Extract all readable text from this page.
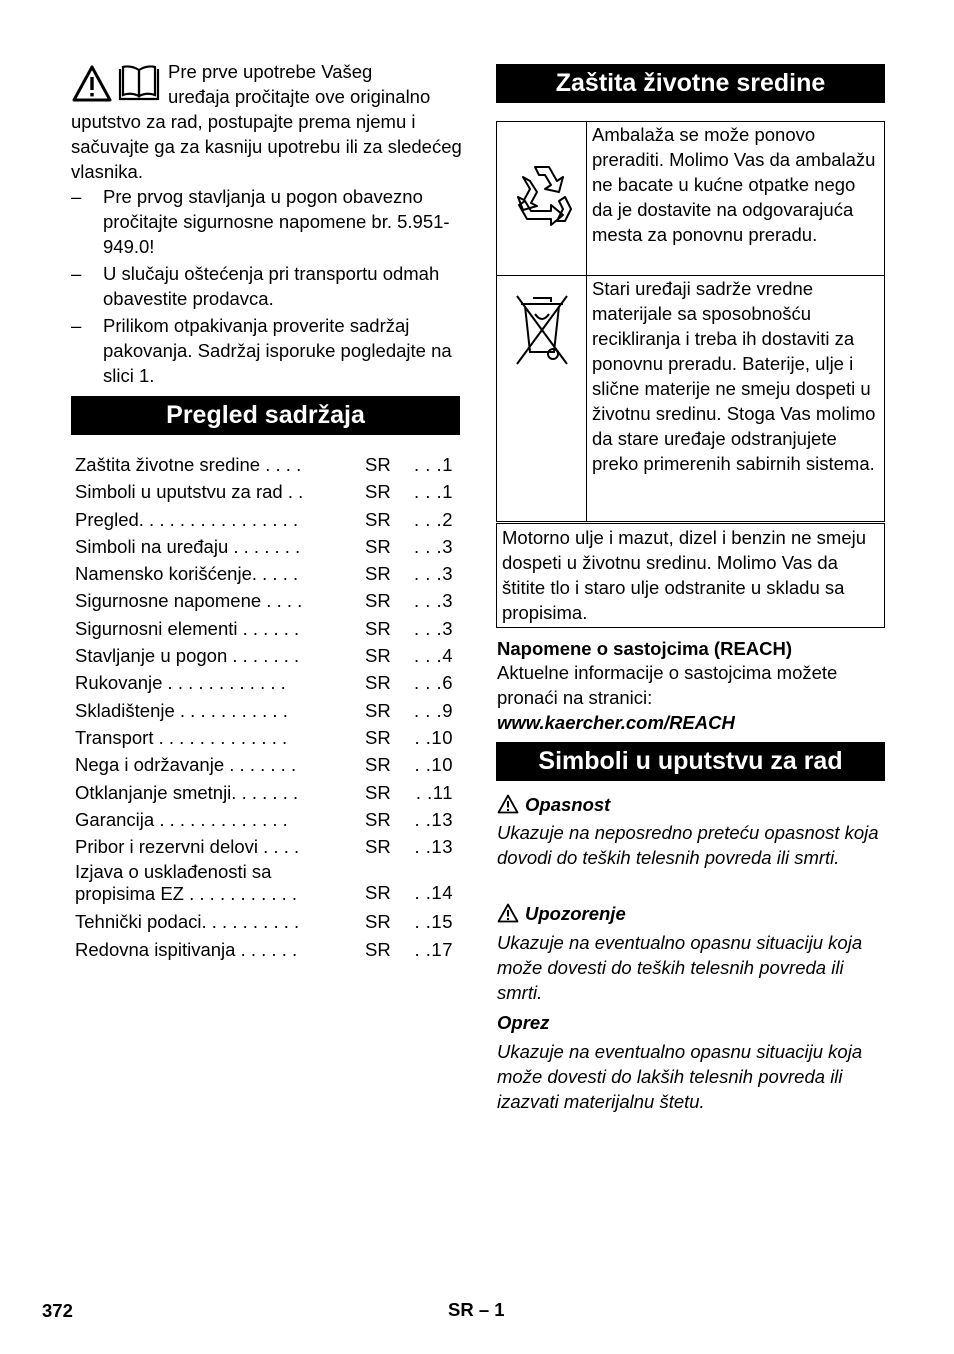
Pre prve upotrebe Vašeg
uređaja pročitajte ove originalno
uputstvo za rad, postupajte prema njemu i sačuvajte ga za kasniju upotrebu ili za sledećeg vlasnika.
– Pre prvog stavljanja u pogon obavezno pročitajte sigurnosne napomene br. 5.951-949.0!
– U slučaju oštećenja pri transportu odmah obavestite prodavca.
– Prilikom otpakivanja proverite sadržaj pakovanja. Sadržaj isporuke pogledajte na slici 1.
Pregled sadržaja
Zaštita životne sredine . . . .	SR . . .1
Simboli u uputstvu za rad . .	SR . . .1
Pregled. . . . . . . . . . . . . . . .	SR . . .2
Simboli na uređaju . . . . . . .	SR . . .3
Namensko korišćenje. . . . .	SR . . .3
Sigurnosne napomene . . . .	SR . . .3
Sigurnosni elementi . . . . . .	SR . . .3
Stavljanje u pogon . . . . . . .	SR . . .4
Rukovanje . . . . . . . . . . . .	SR . . .6
Skladištenje . . . . . . . . . . .	SR . . .9
Transport . . . . . . . . . . . . .	SR . .10
Nega i održavanje . . . . . . .	SR . .10
Otklanjanje smetnji. . . . . . .	SR	. .11
Garancija . . . . . . . . . . . . .	SR . .13
Pribor i rezervni delovi . . . .	SR . .13
Izjava o usklađenosti sa propisima EZ . . . . . . . . . . .	SR . .14
Tehnički podaci. . . . . . . . . .	SR . .15
Redovna ispitivanja . . . . . .	SR . .17
Zaštita životne sredine
	Ambalaža se može ponovo preraditi. Molimo Vas da ambalažu ne bacate u kućne otpatke nego da je dostavite na odgovarajuća mesta za ponovnu preradu.
	Stari uređaji sadrže vredne materijale sa sposobnošću recikliranja i treba ih dostaviti za ponovnu preradu. Baterije, ulje i slične materije ne smeju dospeti u životnu sredinu. Stoga Vas molimo da stare uređaje odstranjujete preko primerenih sabirnih sistema.
Motorno ulje i mazut, dizel i benzin ne smeju dospeti u životnu sredinu. Molimo Vas da štitite tlo i staro ulje odstranite u skladu sa propisima.
Napomene o sastojcima (REACH)
Aktuelne informacije o sastojcima možete pronaći na stranici:
www.kaercher.com/REACH
Simboli u uputstvu za rad
Opasnost
Ukazuje na neposredno preteću opasnost koja dovodi do teških telesnih povreda ili smrti.
Upozorenje
Ukazuje na eventualno opasnu situaciju koja može dovesti do teških telesnih povreda ili smrti.
Oprez
Ukazuje na eventualno opasnu situaciju koja može dovesti do lakših telesnih povreda ili izazvati materijalnu štetu.
372	SR – 1
